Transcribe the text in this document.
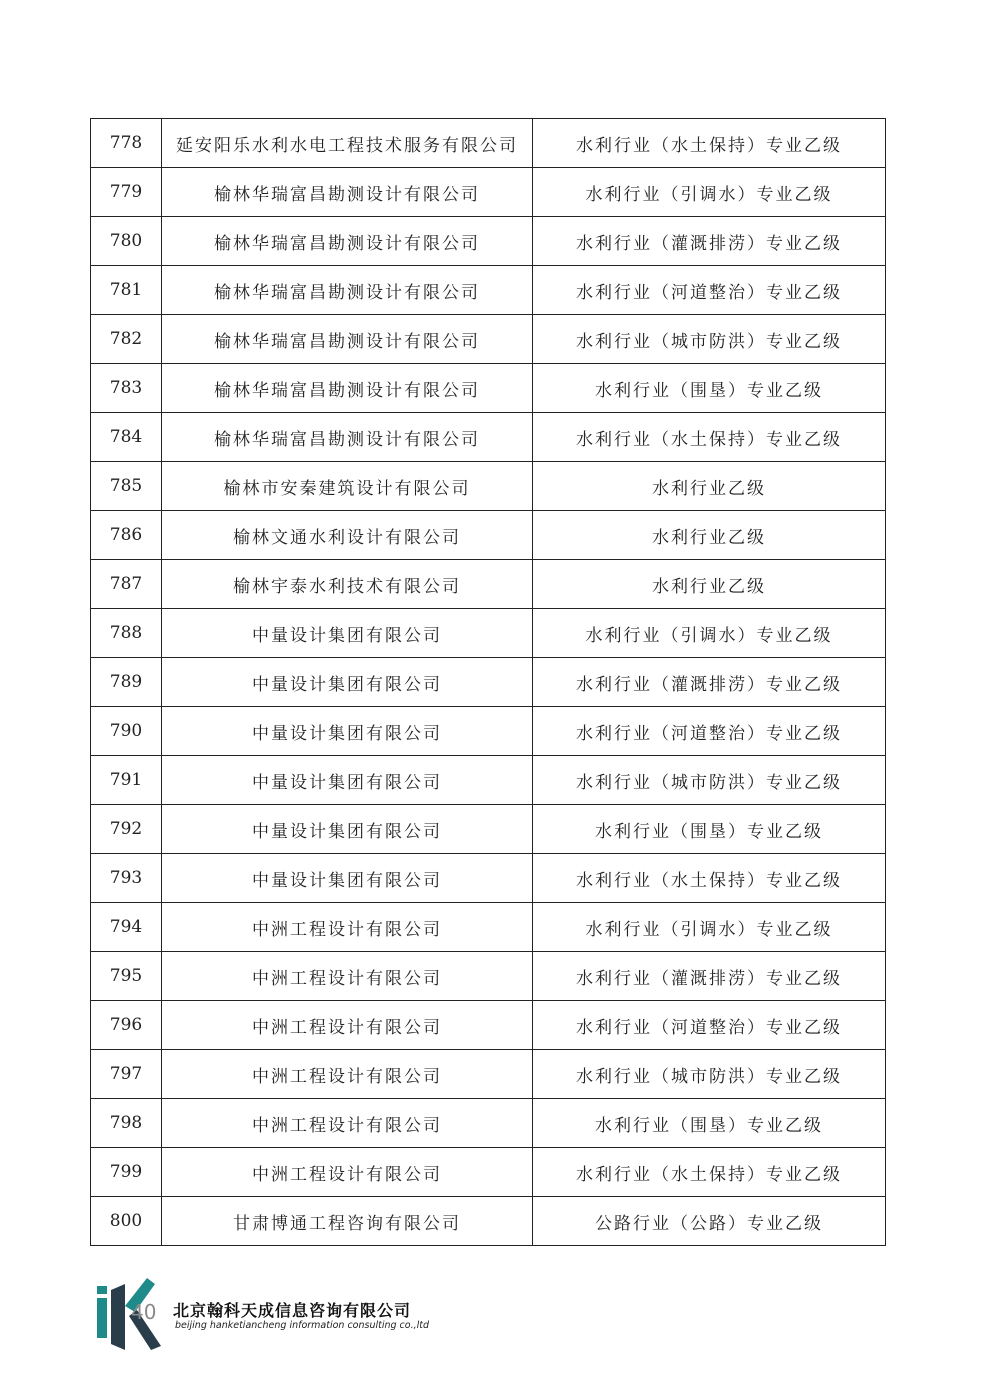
778	延安阳乐水利水电工程技术服务有限公司	水利行业（水土保持）专业乙级
779	榆林华瑞富昌勘测设计有限公司	水利行业（引调水）专业乙级
780	榆林华瑞富昌勘测设计有限公司	水利行业（灌溉排涝）专业乙级
781	榆林华瑞富昌勘测设计有限公司	水利行业（河道整治）专业乙级
782	榆林华瑞富昌勘测设计有限公司	水利行业（城市防洪）专业乙级
783	榆林华瑞富昌勘测设计有限公司	水利行业（围垦）专业乙级
784	榆林华瑞富昌勘测设计有限公司	水利行业（水土保持）专业乙级
785	榆林市安秦建筑设计有限公司	水利行业乙级
786	榆林文通水利设计有限公司	水利行业乙级
787	榆林宇泰水利技术有限公司	水利行业乙级
788	中量设计集团有限公司	水利行业（引调水）专业乙级
789	中量设计集团有限公司	水利行业（灌溉排涝）专业乙级
790	中量设计集团有限公司	水利行业（河道整治）专业乙级
791	中量设计集团有限公司	水利行业（城市防洪）专业乙级
792	中量设计集团有限公司	水利行业（围垦）专业乙级
793	中量设计集团有限公司	水利行业（水土保持）专业乙级
794	中洲工程设计有限公司	水利行业（引调水）专业乙级
795	中洲工程设计有限公司	水利行业（灌溉排涝）专业乙级
796	中洲工程设计有限公司	水利行业（河道整治）专业乙级
797	中洲工程设计有限公司	水利行业（城市防洪）专业乙级
798	中洲工程设计有限公司	水利行业（围垦）专业乙级
799	中洲工程设计有限公司	水利行业（水土保持）专业乙级
800	甘肃博通工程咨询有限公司	公路行业（公路）专业乙级
40 北京翰科天成信息咨询有限公司
beijing hanketiancheng information consulting co.,ltd
